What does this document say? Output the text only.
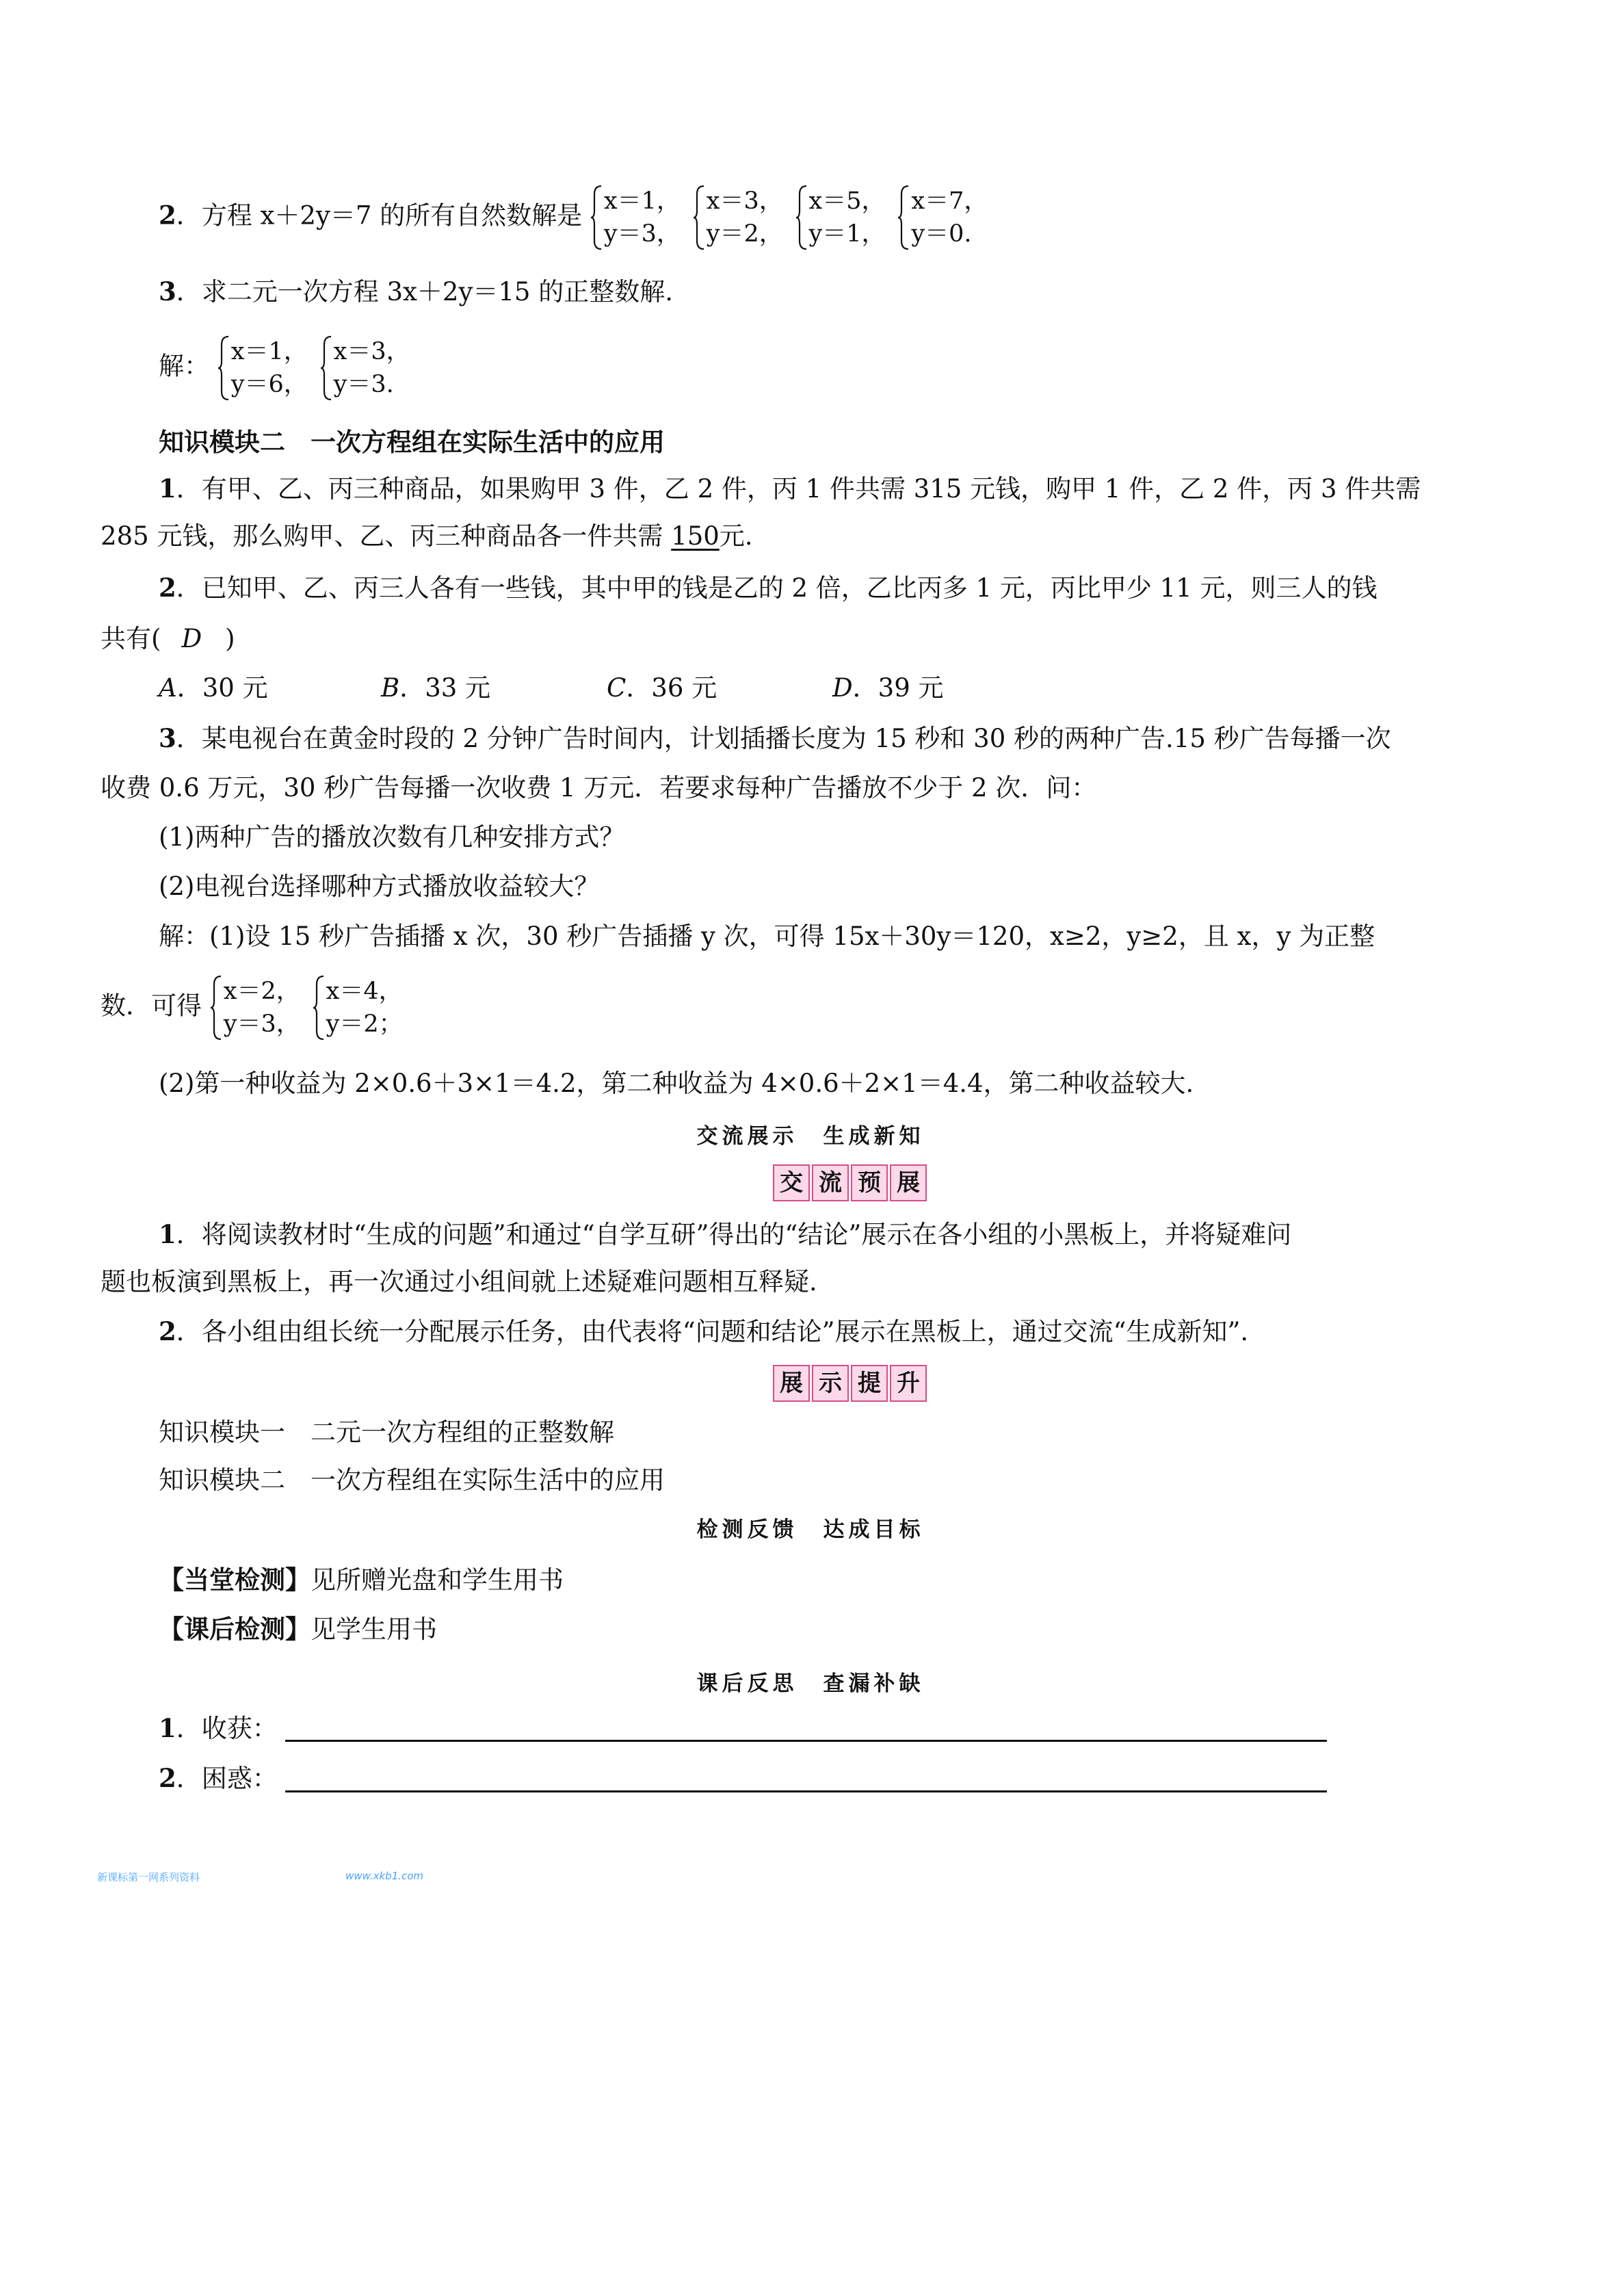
2．方程 x＋2y＝7 的所有自然数解是 x＝1，
y＝3，

x＝3，
y＝2，

x＝5，
y＝1，

x＝7，
y＝0.
3．求二元一次方程 3x＋2y＝15 的正整数解.
解： x＝1，
y＝6，

x＝3，
y＝3.
知识模块二　一次方程组在实际生活中的应用
1．有甲、乙、丙三种商品，如果购甲 3 件，乙 2 件，丙 1 件共需 315 元钱，购甲 1 件，乙 2 件，丙 3 件共需
285 元钱，那么购甲、乙、丙三种商品各一件共需 150元.
2．已知甲、乙、丙三人各有一些钱，其中甲的钱是乙的 2 倍，乙比丙多 1 元，丙比甲少 11 元，则三人的钱
共有( D )
A．30 元	B．33 元	C．36 元	D．39 元
3．某电视台在黄金时段的 2 分钟广告时间内，计划插播长度为 15 秒和 30 秒的两种广告.15 秒广告每播一次
收费 0.6 万元，30 秒广告每播一次收费 1 万元．若要求每种广告播放不少于 2 次．问：
(1)两种广告的播放次数有几种安排方式？
(2)电视台选择哪种方式播放收益较大？
解：(1)设 15 秒广告插播 x 次，30 秒广告插播 y 次，可得 15x＋30y＝120，x≥2，y≥2，且 x，y 为正整
数．可得 x＝2，
y＝3，

x＝4，
y＝2；
(2)第一种收益为 2×0.6＋3×1＝4.2，第二种收益为 4×0.6＋2×1＝4.4，第二种收益较大.
交流展示　生成新知
交 流 预 展
1．将阅读教材时“生成的问题”和通过“自学互研”得出的“结论”展示在各小组的小黑板上，并将疑难问
题也板演到黑板上，再一次通过小组间就上述疑难问题相互释疑.
2．各小组由组长统一分配展示任务，由代表将“问题和结论”展示在黑板上，通过交流“生成新知”.
展 示 提 升
知识模块一　二元一次方程组的正整数解
知识模块二　一次方程组在实际生活中的应用
检测反馈　达成目标
【当堂检测】见所赠光盘和学生用书
【课后检测】见学生用书
课后反思　查漏补缺
1．收获：
2．困惑：
新课标第一网系列资料	www.xkb1.com
